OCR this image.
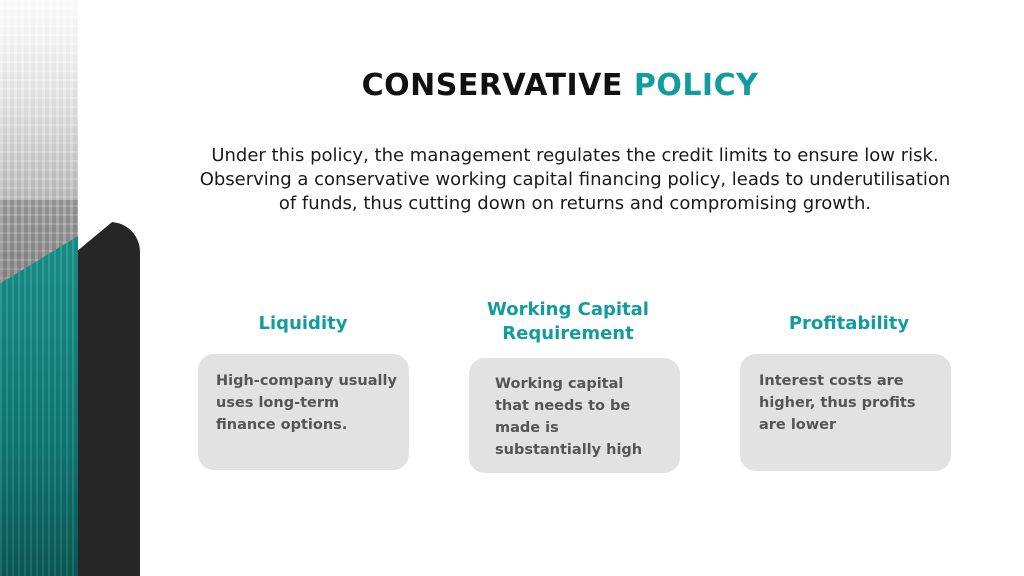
CONSERVATIVE POLICY
Under this policy, the management regulates the credit limits to ensure low risk.
Observing a conservative working capital financing policy, leads to underutilisation of funds, thus cutting down on returns and compromising growth.
Liquidity
Working Capital Requirement	Profitability
High-company usually uses long-term finance options.
Working capital that needs to be made is substantially high
Interest costs are higher, thus profits are lower
